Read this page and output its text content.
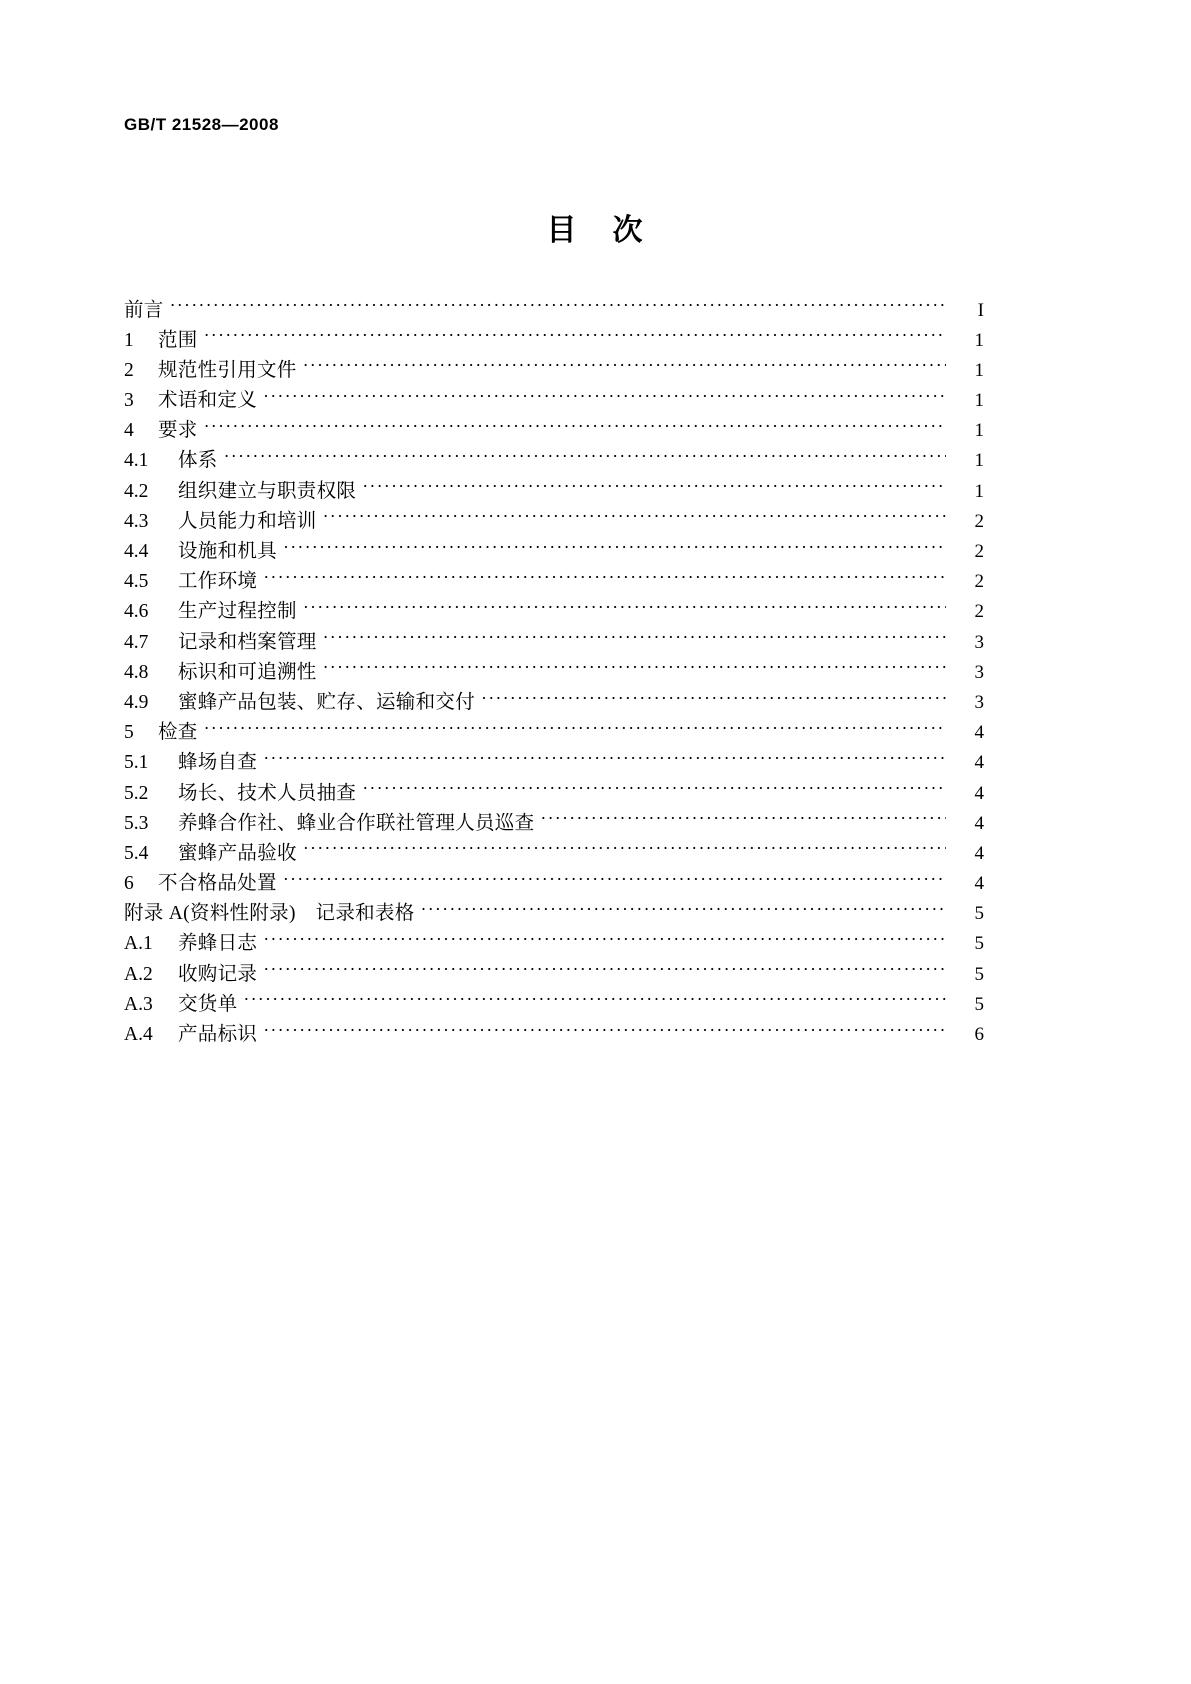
GB/T 21528—2008
目 次
前言 ·····	I
1	范围 ·····	1
2	规范性引用文件 ·····	1
3	术语和定义 ·····	1
4	要求 ·····	1
4.1	体系 ·····	1
4.2	组织建立与职责权限 ·····	1
4.3	人员能力和培训 ·····	2
4.4	设施和机具 ·····	2
4.5	工作环境 ·····	2
4.6	生产过程控制 ·····	2
4.7	记录和档案管理 ·····	3
4.8	标识和可追溯性 ·····	3
4.9	蜜蜂产品包装、贮存、运输和交付 ·····	3
5	检查 ·····	4
5.1	蜂场自查 ·····	4
5.2	场长、技术人员抽查 ·····	4
5.3	养蜂合作社、蜂业合作联社管理人员巡查 ·····	4
5.4	蜜蜂产品验收 ·····	4
6	不合格品处置 ·····	4
附录 A(资料性附录)　记录和表格 ·····	5
A.1	养蜂日志 ·····	5
A.2	收购记录 ·····	5
A.3	交货单 ·····	5
A.4	产品标识 ·····	6
